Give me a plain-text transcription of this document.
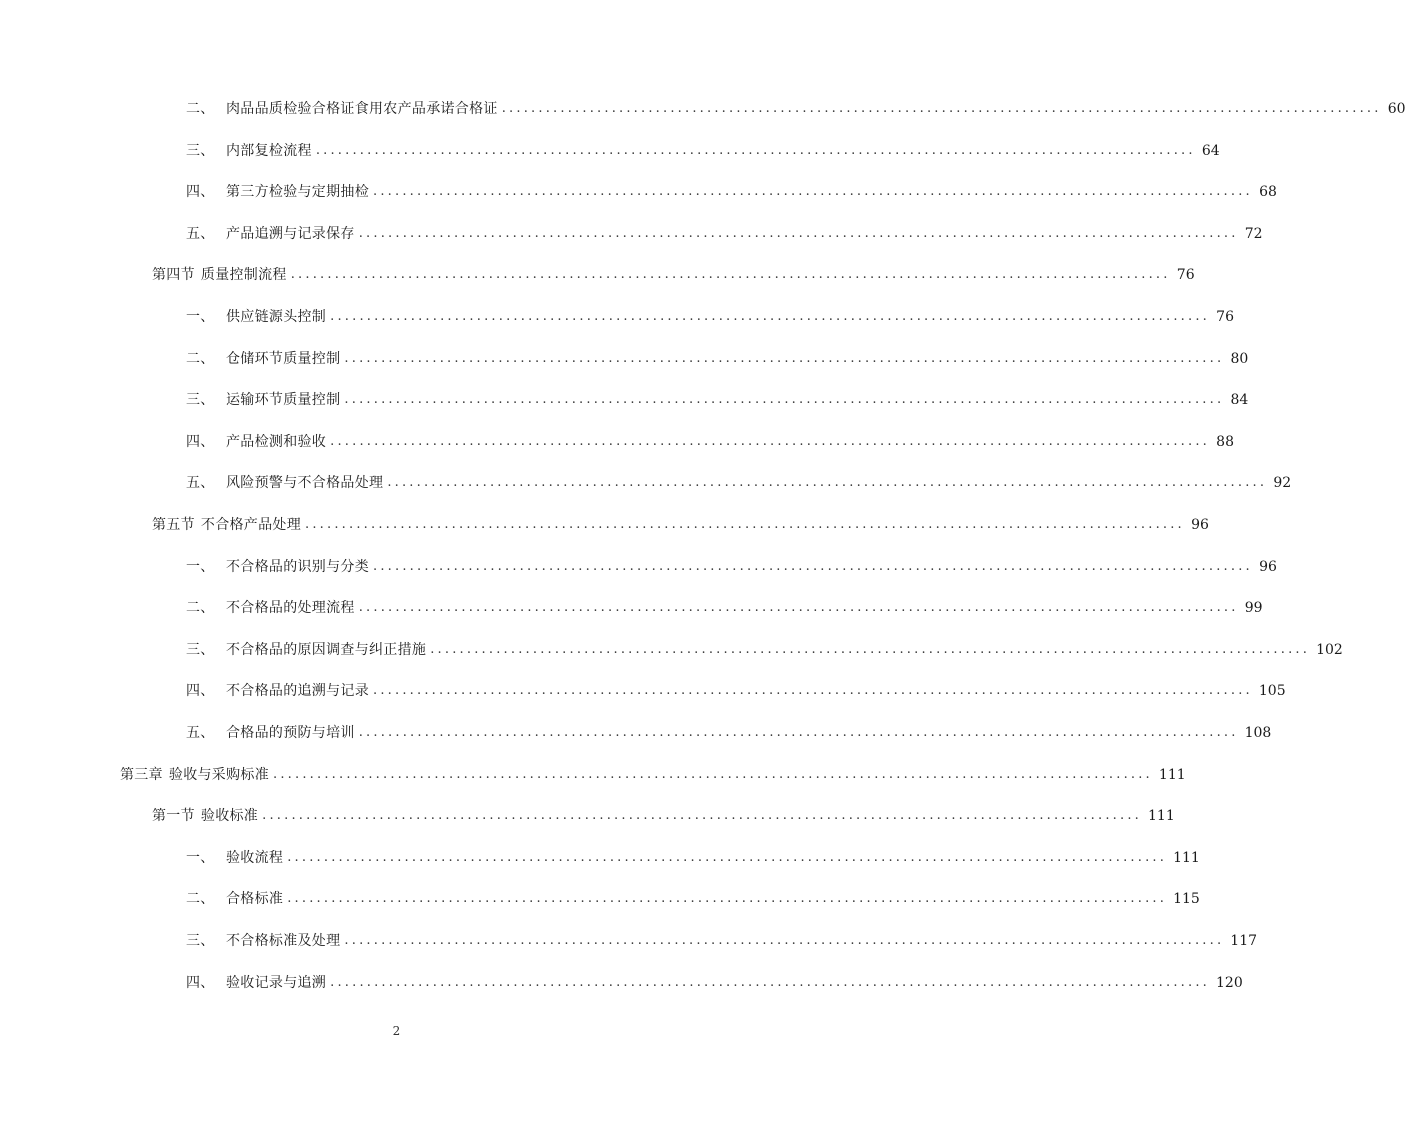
二、 肉品品质检验合格证食用农产品承诺合格证 ........................................................................................................................ 60
三、 内部复检流程 ........................................................................................................................ 64
四、 第三方检验与定期抽检 ........................................................................................................................ 68
五、 产品追溯与记录保存 ........................................................................................................................ 72
第四节 质量控制流程 ........................................................................................................................ 76
一、 供应链源头控制 ........................................................................................................................ 76
二、 仓储环节质量控制 ........................................................................................................................ 80
三、 运输环节质量控制 ........................................................................................................................ 84
四、 产品检测和验收 ........................................................................................................................ 88
五、 风险预警与不合格品处理 ........................................................................................................................ 92
第五节 不合格产品处理 ........................................................................................................................ 96
一、 不合格品的识别与分类 ........................................................................................................................ 96
二、 不合格品的处理流程 ........................................................................................................................ 99
三、 不合格品的原因调查与纠正措施 ........................................................................................................................ 102
四、 不合格品的追溯与记录 ........................................................................................................................ 105
五、 合格品的预防与培训 ........................................................................................................................ 108
第三章 验收与采购标准 ........................................................................................................................ 111
第一节 验收标准 ........................................................................................................................ 111
一、 验收流程 ........................................................................................................................ 111
二、 合格标准 ........................................................................................................................ 115
三、 不合格标准及处理 ........................................................................................................................ 117
四、 验收记录与追溯 ........................................................................................................................ 120
2
